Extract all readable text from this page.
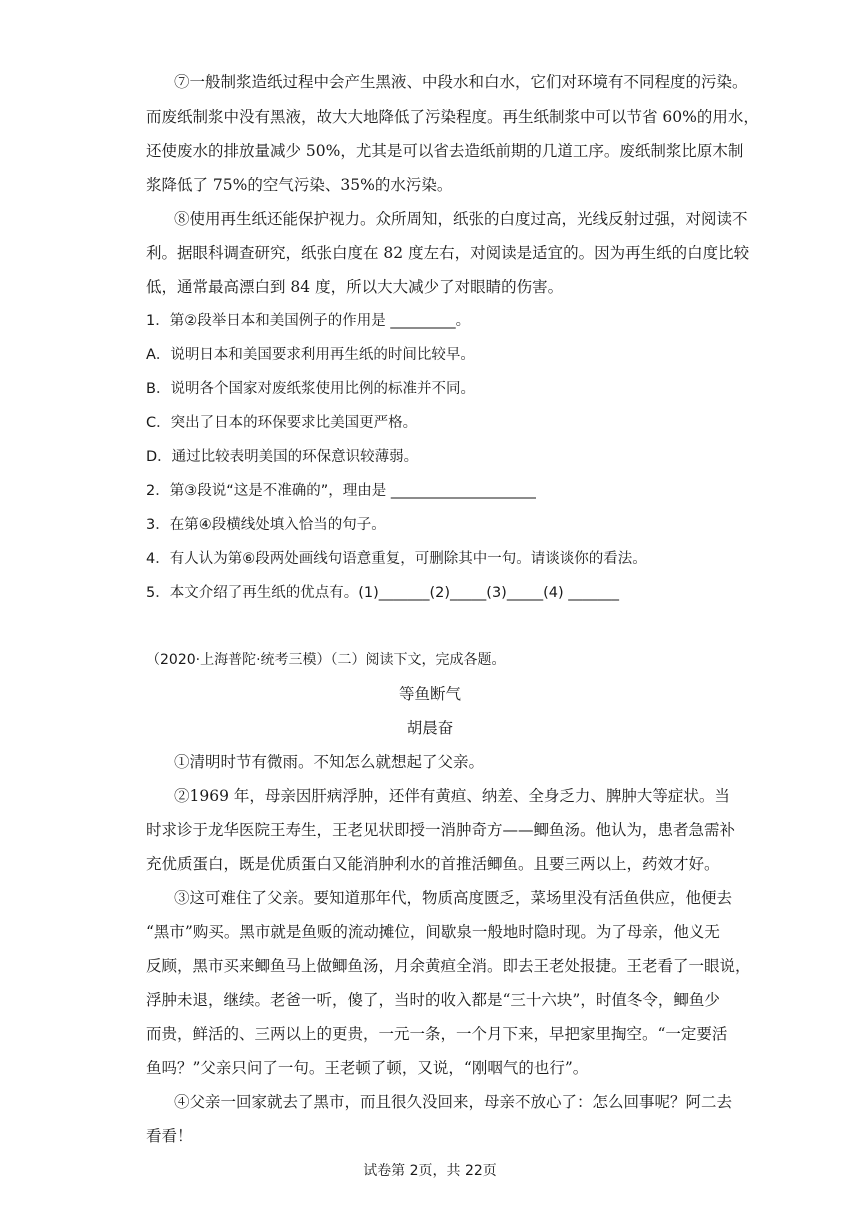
⑦一般制浆造纸过程中会产生黑液、中段水和白水，它们对环境有不同程度的污染。
而废纸制浆中没有黑液，故大大地降低了污染程度。再生纸制浆中可以节省 60%的用水，
还使废水的排放量减少 50%，尤其是可以省去造纸前期的几道工序。废纸制浆比原木制
浆降低了 75%的空气污染、35%的水污染。
⑧使用再生纸还能保护视力。众所周知，纸张的白度过高，光线反射过强，对阅读不
利。据眼科调查研究，纸张白度在 82 度左右，对阅读是适宜的。因为再生纸的白度比较
低，通常最高漂白到 84 度，所以大大减少了对眼睛的伤害。
1．第②段举日本和美国例子的作用是 _________。
A．说明日本和美国要求利用再生纸的时间比较早。
B．说明各个国家对废纸浆使用比例的标准并不同。
C．突出了日本的环保要求比美国更严格。
D．通过比较表明美国的环保意识较薄弱。
2．第③段说“这是不准确的”，理由是 ____________________
3．在第④段横线处填入恰当的句子。
4．有人认为第⑥段两处画线句语意重复，可删除其中一句。请谈谈你的看法。
5．本文介绍了再生纸的优点有。(1)_______(2)_____(3)_____(4) _______
（2020·上海普陀·统考三模）（二）阅读下文，完成各题。
等鱼断气
胡晨奋
①清明时节有微雨。不知怎么就想起了父亲。
②1969 年，母亲因肝病浮肿，还伴有黄疸、纳差、全身乏力、脾肿大等症状。当
时求诊于龙华医院王寿生，王老见状即授一消肿奇方——鲫鱼汤。他认为，患者急需补
充优质蛋白，既是优质蛋白又能消肿利水的首推活鲫鱼。且要三两以上，药效才好。
③这可难住了父亲。要知道那年代，物质高度匮乏，菜场里没有活鱼供应，他便去
“黑市”购买。黑市就是鱼贩的流动摊位，间歇泉一般地时隐时现。为了母亲，他义无
反顾，黑市买来鲫鱼马上做鲫鱼汤，月余黄疸全消。即去王老处报捷。王老看了一眼说，
浮肿未退，继续。老爸一听，傻了，当时的收入都是“三十六块”，时值冬令，鲫鱼少
而贵，鲜活的、三两以上的更贵，一元一条，一个月下来，早把家里掏空。“一定要活
鱼吗？”父亲只问了一句。王老顿了顿，又说，“刚咽气的也行”。
④父亲一回家就去了黑市，而且很久没回来，母亲不放心了：怎么回事呢？阿二去
看看！
试卷第 2页，共 22页
